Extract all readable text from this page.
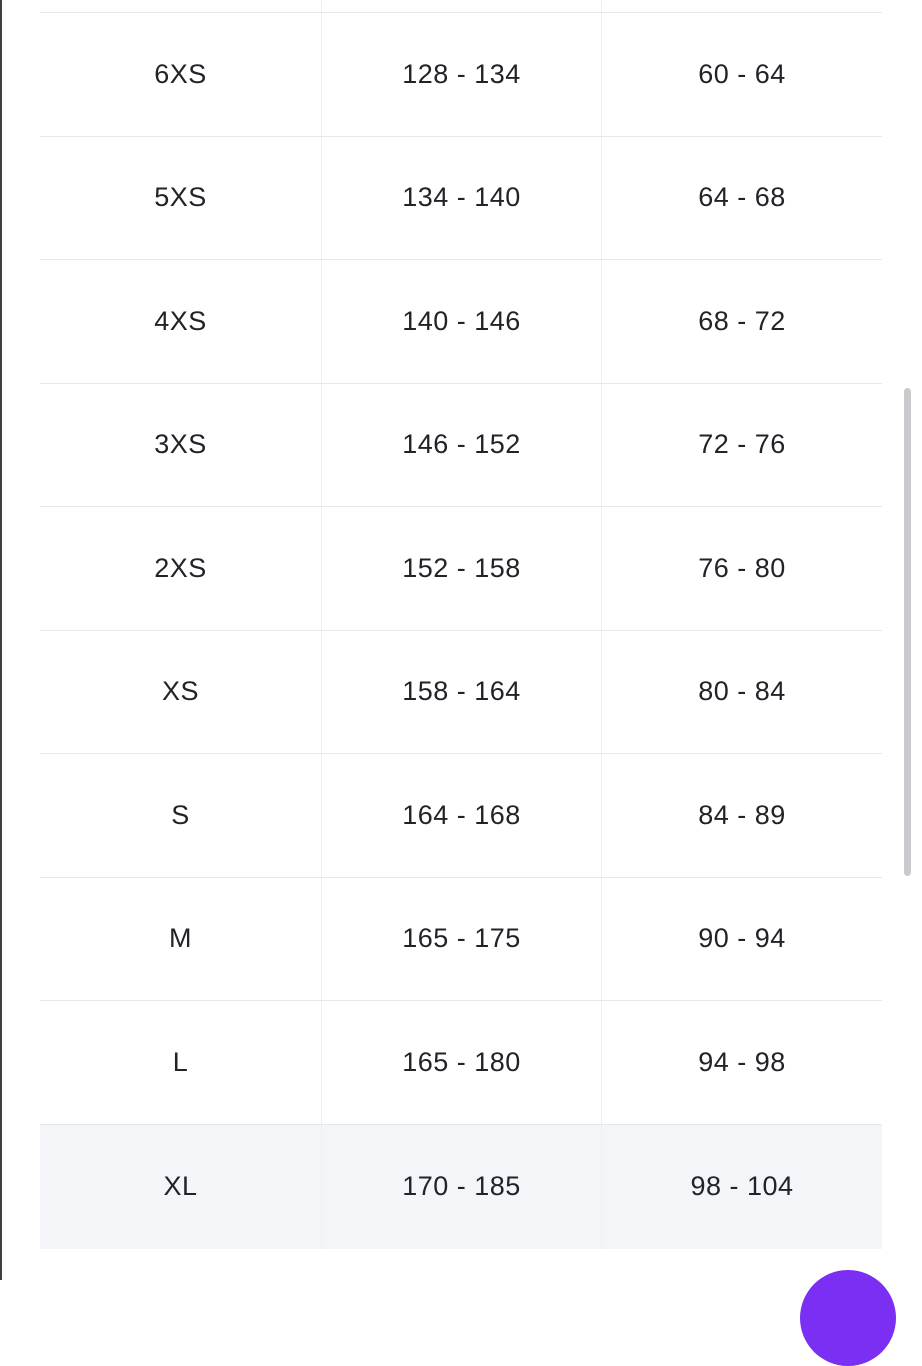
6XS	128 - 134	60 - 64
5XS	134 - 140	64 - 68
4XS	140 - 146	68 - 72
3XS	146 - 152	72 - 76
2XS	152 - 158	76 - 80
XS	158 - 164	80 - 84
S	164 - 168	84 - 89
M	165 - 175	90 - 94
L	165 - 180	94 - 98
XL	170 - 185	98 - 104
